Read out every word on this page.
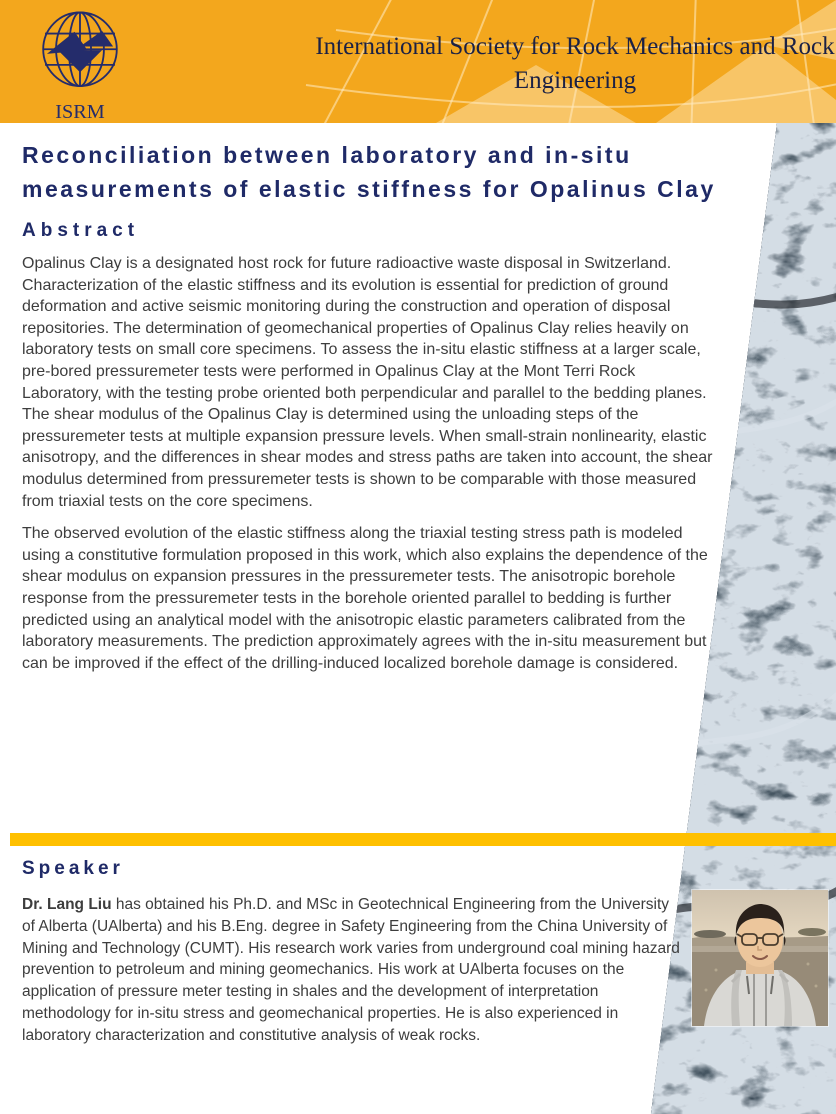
ISRM
International Society for Rock Mechanics and Rock Engineering
Reconciliation between laboratory and in-situ measurements of elastic stiffness for Opalinus Clay
Abstract

Opalinus Clay is a designated host rock for future radioactive waste disposal in Switzerland. Characterization of the elastic stiffness and its evolution is essential for prediction of ground deformation and active seismic monitoring during the construction and operation of disposal repositories. The determination of geomechanical properties of Opalinus Clay relies heavily on laboratory tests on small core specimens. To assess the in-situ elastic stiffness at a larger scale, pre-bored pressuremeter tests were performed in Opalinus Clay at the Mont Terri Rock Laboratory, with the testing probe oriented both perpendicular and parallel to the bedding planes. The shear modulus of the Opalinus Clay is determined using the unloading steps of the pressuremeter tests at multiple expansion pressure levels. When small-strain nonlinearity, elastic anisotropy, and the differences in shear modes and stress paths are taken into account, the shear modulus determined from pressuremeter tests is shown to be comparable with those measured from triaxial tests on the core specimens.

The observed evolution of the elastic stiffness along the triaxial testing stress path is modeled using a constitutive formulation proposed in this work, which also explains the dependence of the shear modulus on expansion pressures in the pressuremeter tests. The anisotropic borehole response from the pressuremeter tests in the borehole oriented parallel to bedding is further predicted using an analytical model with the anisotropic elastic parameters calibrated from the laboratory measurements. The prediction approximately agrees with the in-situ measurement but can be improved if the effect of the drilling-induced localized borehole damage is considered.

Speaker

Dr. Lang Liu has obtained his Ph.D. and MSc in Geotechnical Engineering from the University of Alberta (UAlberta) and his B.Eng. degree in Safety Engineering from the China University of Mining and Technology (CUMT). His research work varies from underground coal mining hazard prevention to petroleum and mining geomechanics. His work at UAlberta focuses on the application of pressure meter testing in shales and the development of interpretation methodology for in-situ stress and geomechanical properties. He is also experienced in laboratory characterization and constitutive analysis of weak rocks.
